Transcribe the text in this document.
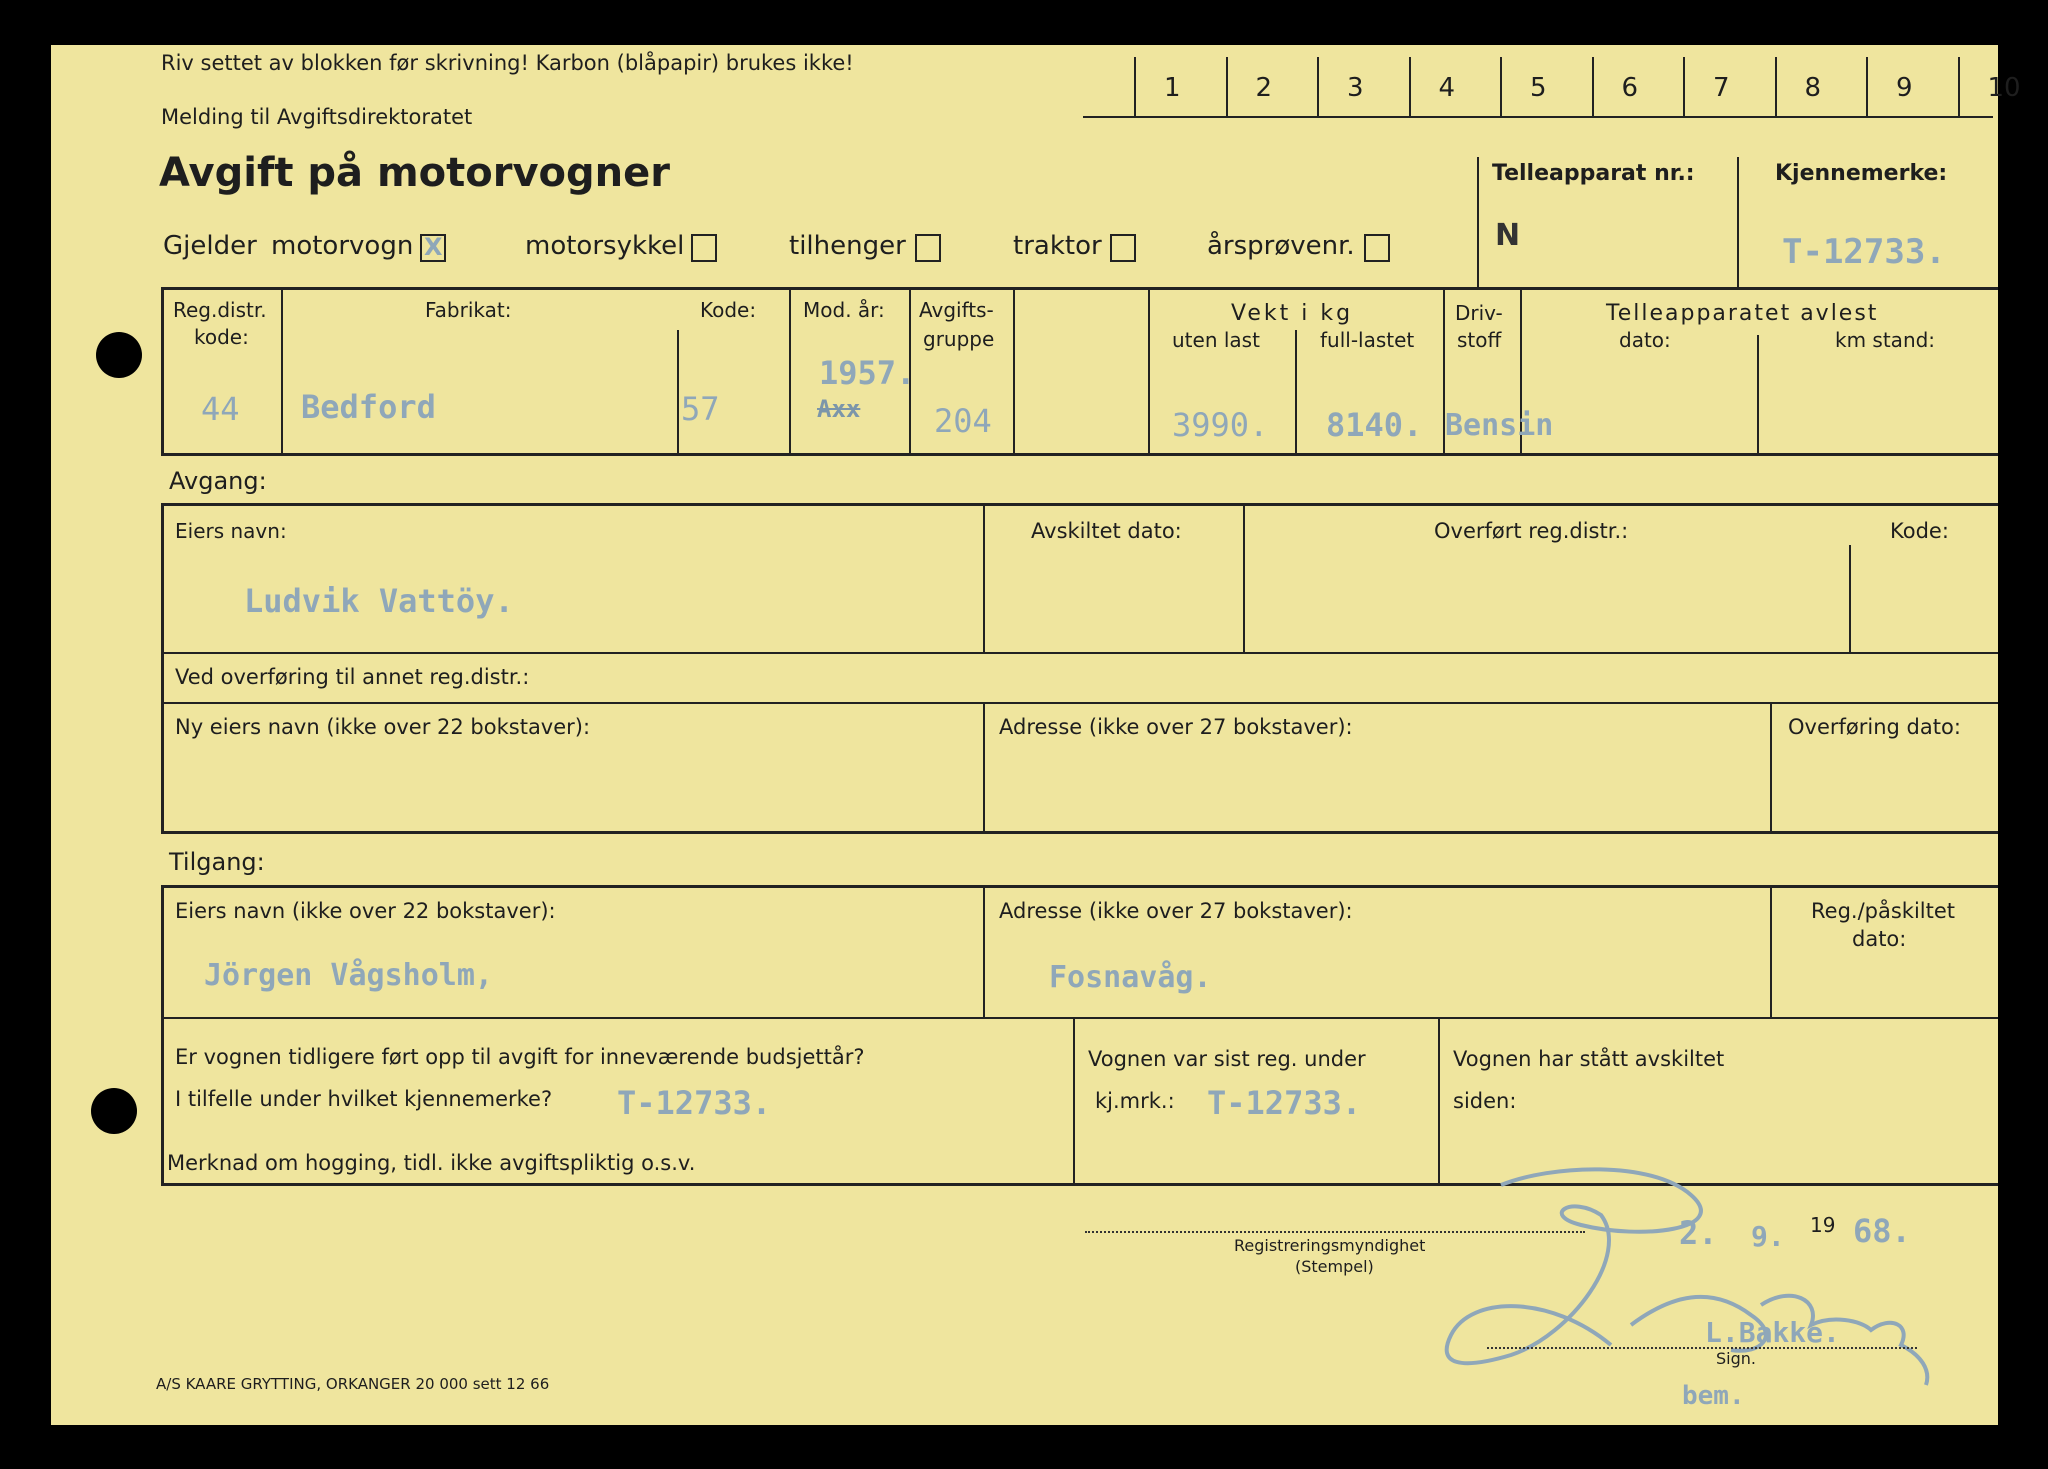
Riv settet av blokken før skrivning! Karbon (blåpapir) brukes ikke!
Melding til Avgiftsdirektoratet
Avgift på motorvogner
1	2	3	4	5	6	7	8	9	10
Telleapparat nr.:
N
Kjennemerke:
T-12733.
Gjelder motorvogn X	motorsykkel	tilhenger	traktor	årsprøvenr.
Reg.distr.
kode:
44
Fabrikat:
Bedford
Kode:
57
Mod. år:
1957.
Axx
Avgifts-
gruppe
204
Vekt i kg
uten last
3990.
full-lastet
8140.
Driv-
stoff
Bensin
Telleapparatet avlest
dato:	km stand:
Avgang:
Eiers navn:
Ludvik Vattöy.
Avskiltet dato:	Overført reg.distr.:	Kode:
Ved overføring til annet reg.distr.:
Ny eiers navn (ikke over 22 bokstaver):	Adresse (ikke over 27 bokstaver):	Overføring dato:
Tilgang:
Eiers navn (ikke over 22 bokstaver):
Jörgen Vågsholm,
Adresse (ikke over 27 bokstaver):
Fosnavåg.
Reg./påskiltet
dato:
Er vognen tidligere ført opp til avgift for inneværende budsjettår?
I tilfelle under hvilket kjennemerke? T-12733.
Vognen var sist reg. under
kj.mrk.: T-12733.
Vognen har stått avskiltet
siden:
Merknad om hogging, tidl. ikke avgiftspliktig o.s.v.
Registreringsmyndighet
(Stempel)
2. 9. 19 68.
L.Bakke.
Sign.
bem.
A/S KAARE GRYTTING, ORKANGER 20 000 sett 12 66
